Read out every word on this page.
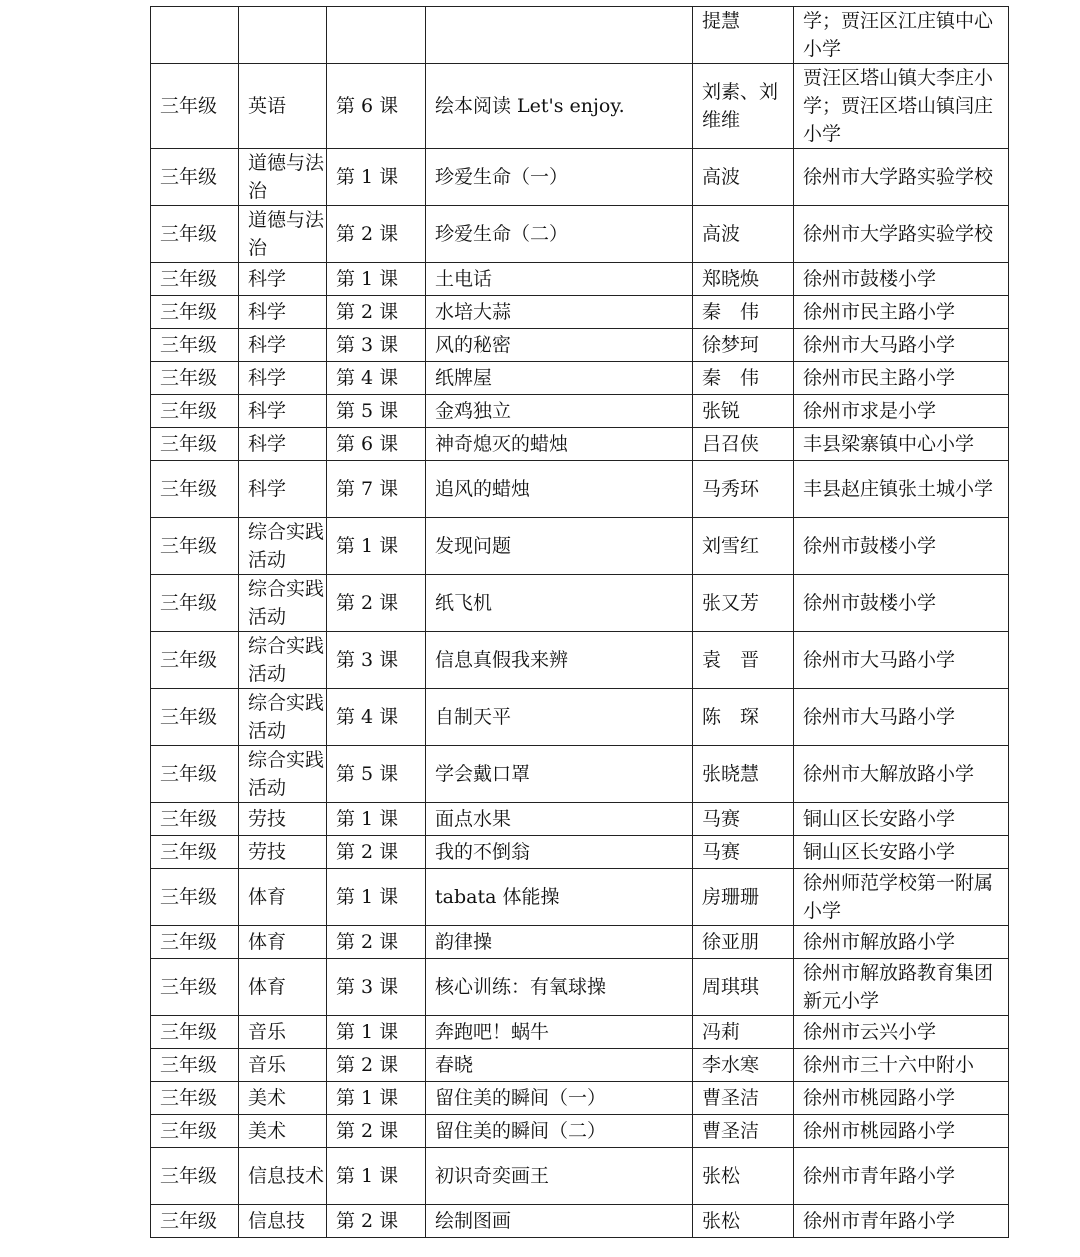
				提慧	学；贾汪区江庄镇中心小学
三年级	英语	第 6 课	绘本阅读 Let's enjoy.	刘素、刘维维	贾汪区塔山镇大李庄小学；贾汪区塔山镇闫庄小学
三年级	道德与法治	第 1 课	珍爱生命（一）	高波	徐州市大学路实验学校
三年级	道德与法治	第 2 课	珍爱生命（二）	高波	徐州市大学路实验学校
三年级	科学	第 1 课	土电话	郑晓焕	徐州市鼓楼小学
三年级	科学	第 2 课	水培大蒜	秦　伟	徐州市民主路小学
三年级	科学	第 3 课	风的秘密	徐梦珂	徐州市大马路小学
三年级	科学	第 4 课	纸牌屋	秦　伟	徐州市民主路小学
三年级	科学	第 5 课	金鸡独立	张锐	徐州市求是小学
三年级	科学	第 6 课	神奇熄灭的蜡烛	吕召侠	丰县梁寨镇中心小学
三年级	科学	第 7 课	追风的蜡烛	马秀环	丰县赵庄镇张土城小学
三年级	综合实践活动	第 1 课	发现问题	刘雪红	徐州市鼓楼小学
三年级	综合实践活动	第 2 课	纸飞机	张又芳	徐州市鼓楼小学
三年级	综合实践活动	第 3 课	信息真假我来辨	袁　晋	徐州市大马路小学
三年级	综合实践活动	第 4 课	自制天平	陈　琛	徐州市大马路小学
三年级	综合实践活动	第 5 课	学会戴口罩	张晓慧	徐州市大解放路小学
三年级	劳技	第 1 课	面点水果	马赛	铜山区长安路小学
三年级	劳技	第 2 课	我的不倒翁	马赛	铜山区长安路小学
三年级	体育	第 1 课	tabata 体能操	房珊珊	徐州师范学校第一附属小学
三年级	体育	第 2 课	韵律操	徐亚朋	徐州市解放路小学
三年级	体育	第 3 课	核心训练：有氧球操	周琪琪	徐州市解放路教育集团新元小学
三年级	音乐	第 1 课	奔跑吧！蜗牛	冯莉	徐州市云兴小学
三年级	音乐	第 2 课	春晓	李水寒	徐州市三十六中附小
三年级	美术	第 1 课	留住美的瞬间（一）	曹圣洁	徐州市桃园路小学
三年级	美术	第 2 课	留住美的瞬间（二）	曹圣洁	徐州市桃园路小学
三年级	信息技术	第 1 课	初识奇奕画王	张松	徐州市青年路小学
三年级	信息技	第 2 课	绘制图画	张松	徐州市青年路小学
